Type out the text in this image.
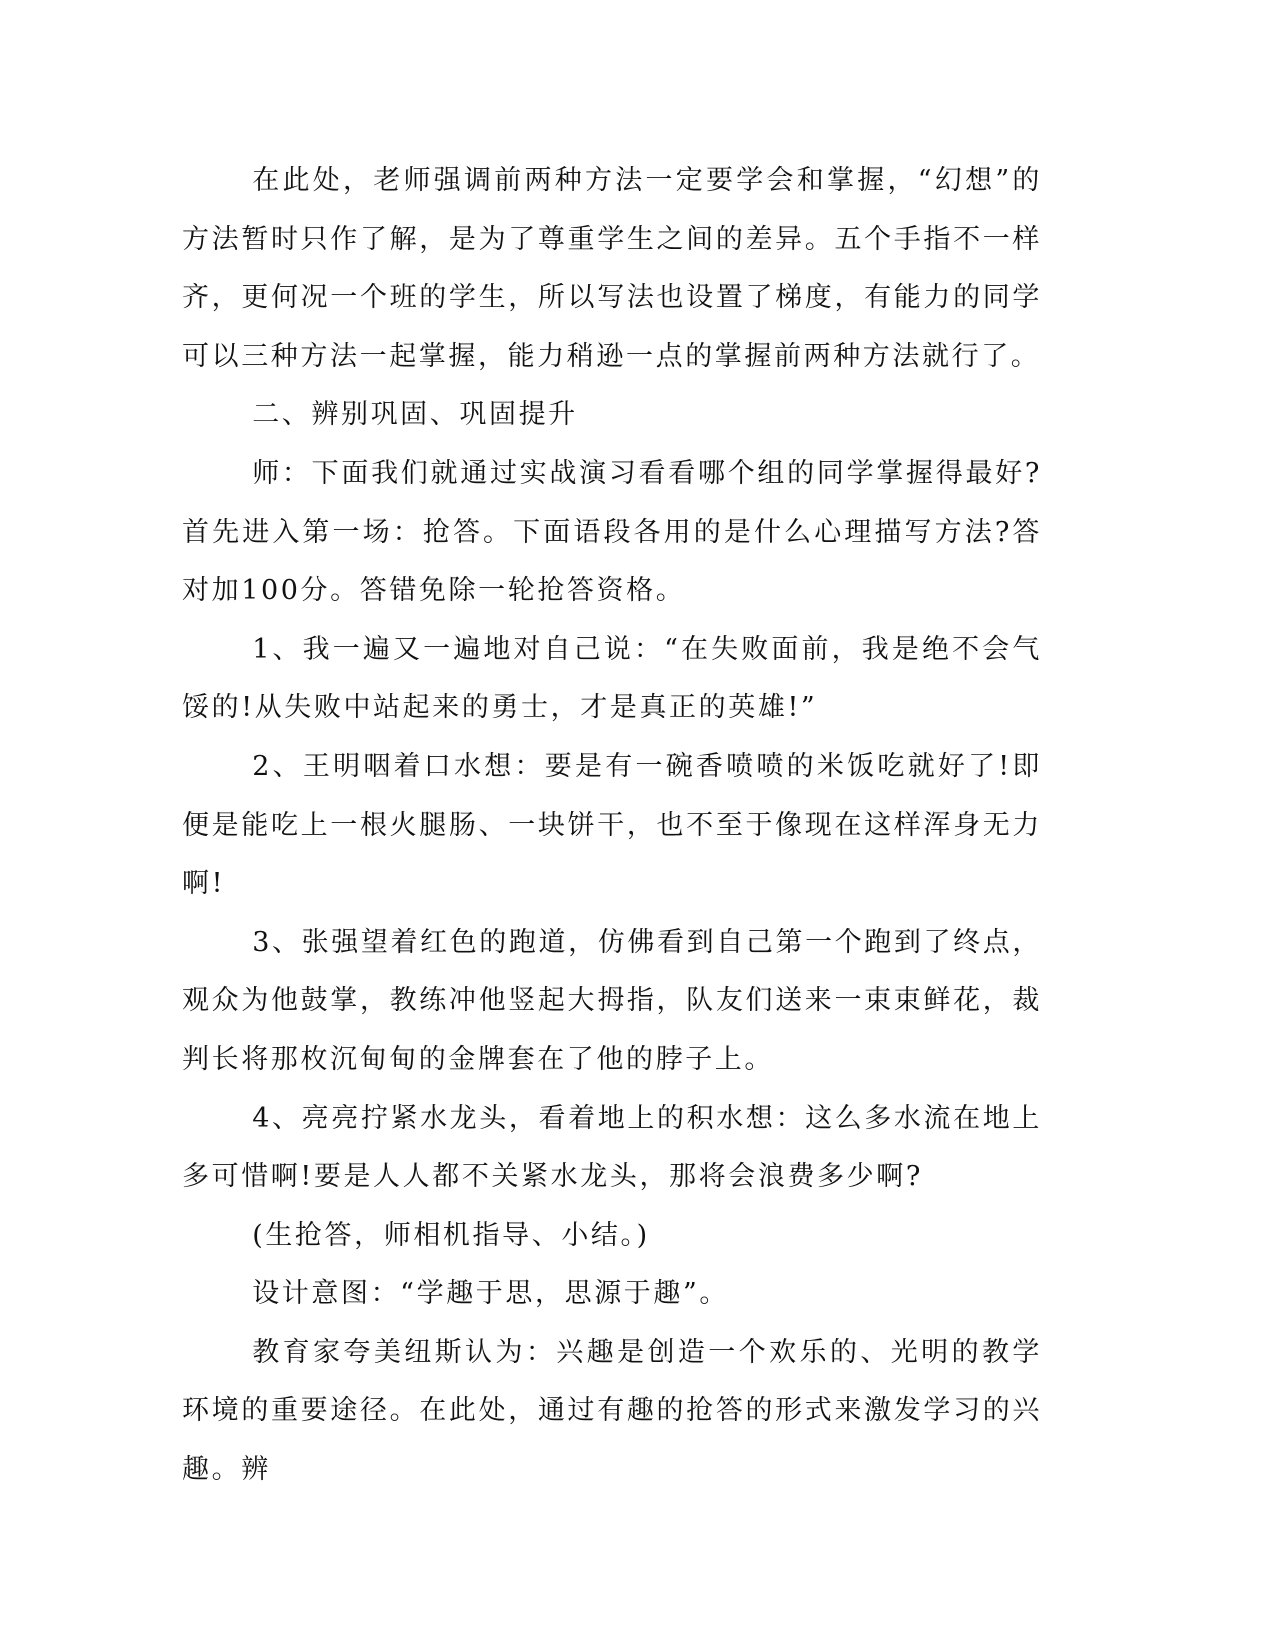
在此处，老师强调前两种方法一定要学会和掌握，“幻想”的方法暂时只作了解，是为了尊重学生之间的差异。五个手指不一样齐，更何况一个班的学生，所以写法也设置了梯度，有能力的同学可以三种方法一起掌握，能力稍逊一点的掌握前两种方法就行了。

二、辨别巩固、巩固提升

师：下面我们就通过实战演习看看哪个组的同学掌握得最好?首先进入第一场：抢答。下面语段各用的是什么心理描写方法?答对加100分。答错免除一轮抢答资格。

1、我一遍又一遍地对自己说：“在失败面前，我是绝不会气馁的!从失败中站起来的勇士，才是真正的英雄!”

2、王明咽着口水想：要是有一碗香喷喷的米饭吃就好了!即便是能吃上一根火腿肠、一块饼干，也不至于像现在这样浑身无力啊!

3、张强望着红色的跑道，仿佛看到自己第一个跑到了终点，观众为他鼓掌，教练冲他竖起大拇指，队友们送来一束束鲜花，裁判长将那枚沉甸甸的金牌套在了他的脖子上。

4、亮亮拧紧水龙头，看着地上的积水想：这么多水流在地上多可惜啊!要是人人都不关紧水龙头，那将会浪费多少啊?

(生抢答，师相机指导、小结。)

设计意图：“学趣于思，思源于趣”。

教育家夸美纽斯认为：兴趣是创造一个欢乐的、光明的教学环境的重要途径。在此处，通过有趣的抢答的形式来激发学习的兴趣。辨
